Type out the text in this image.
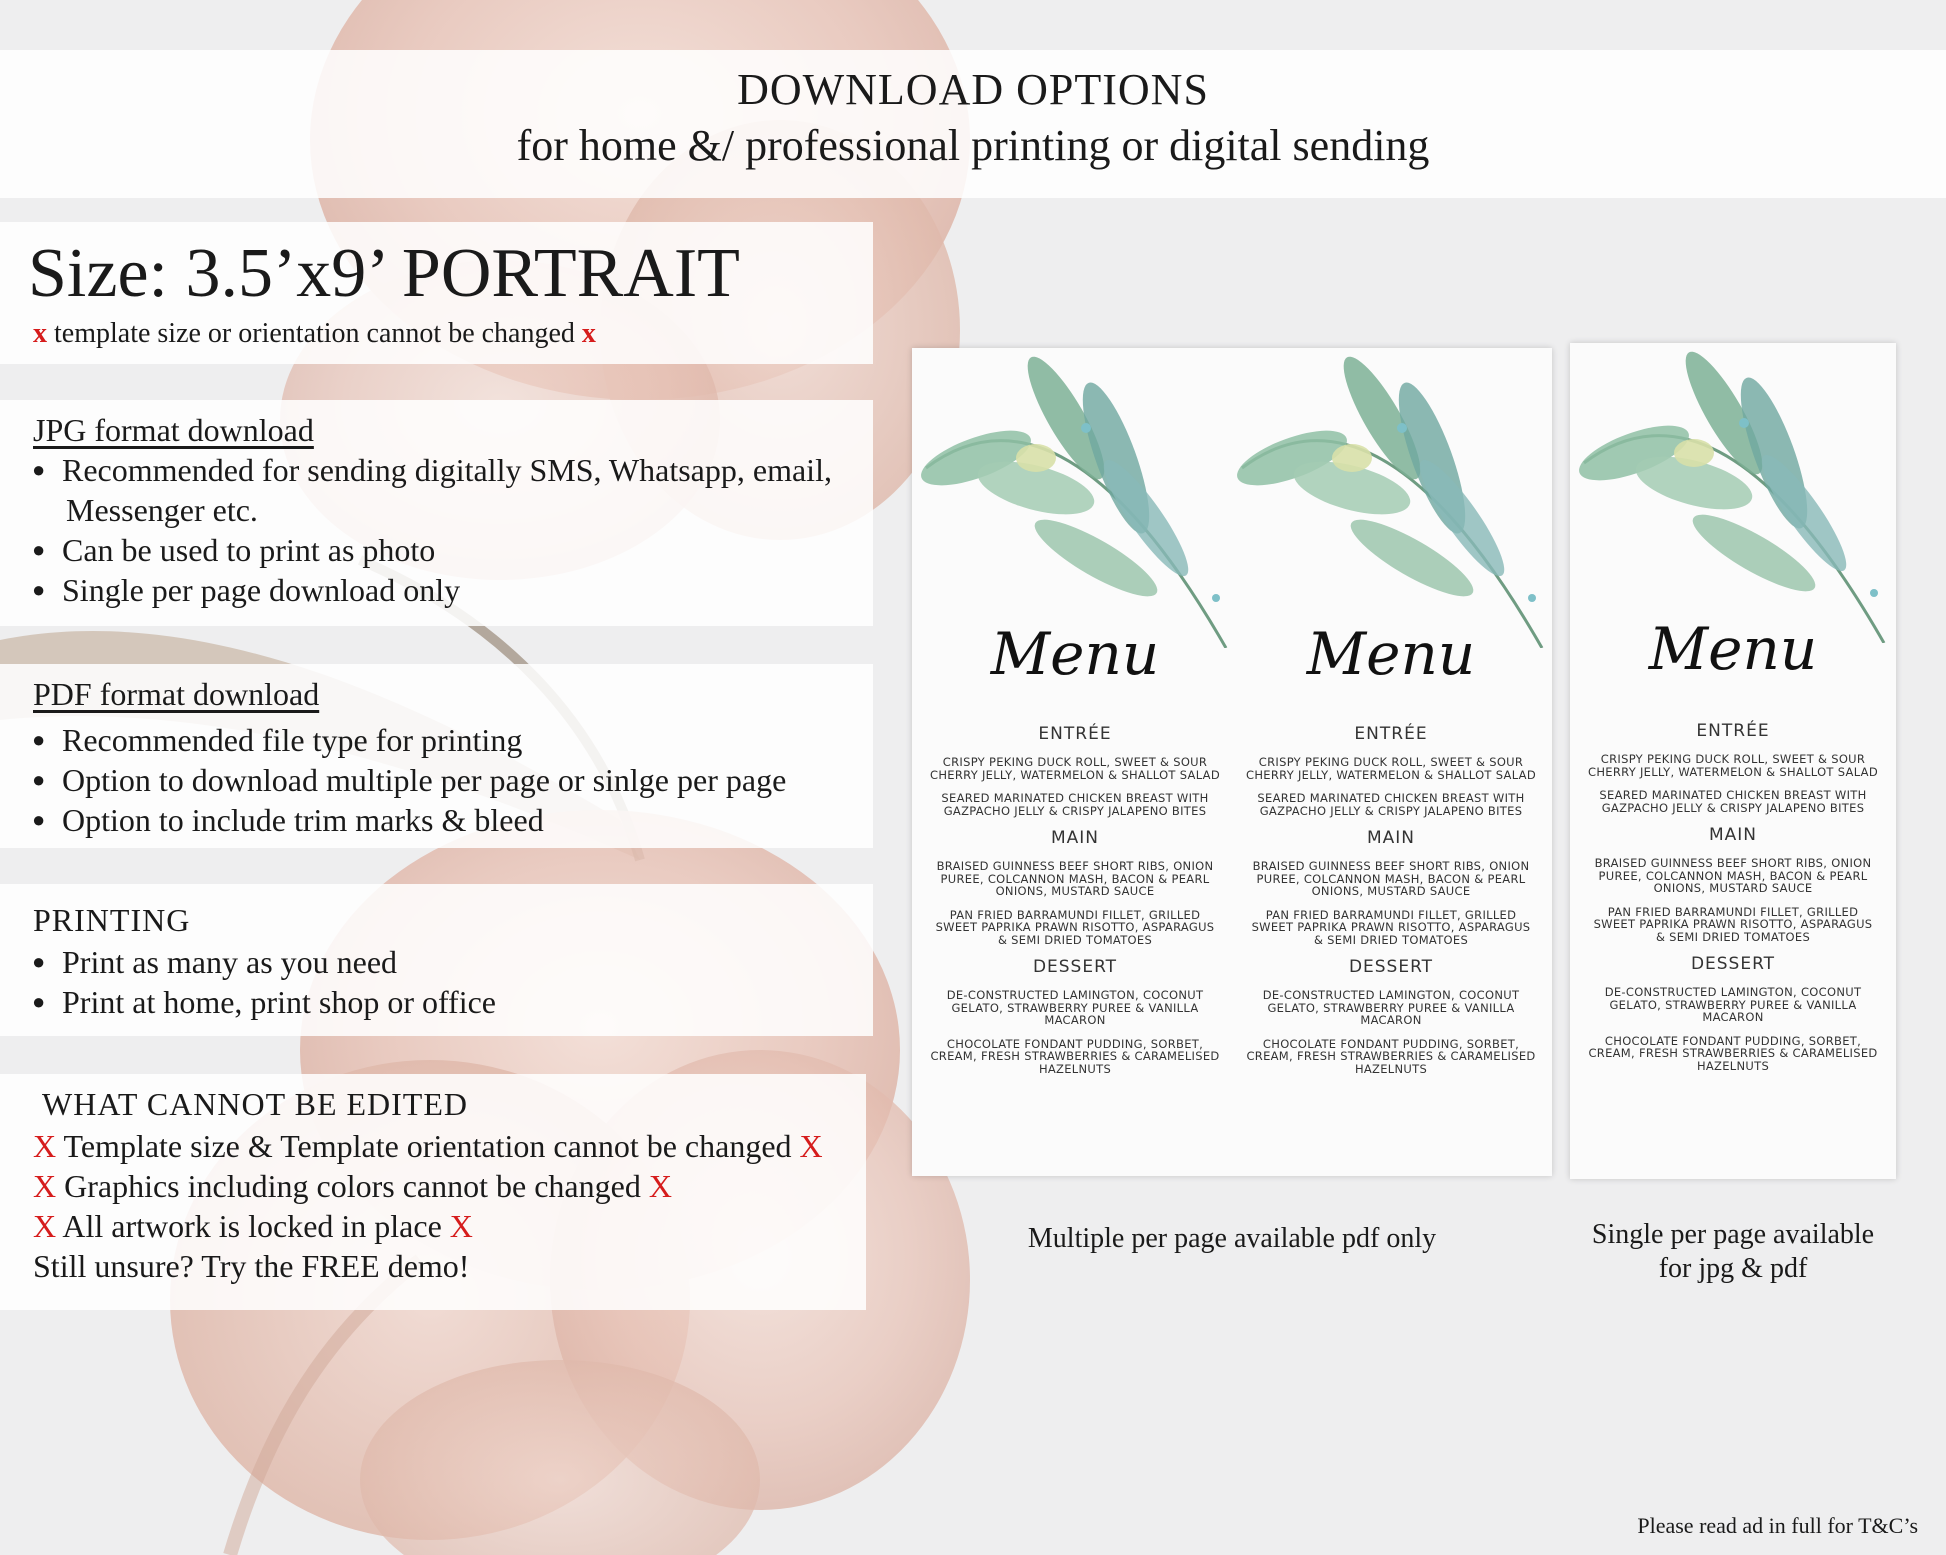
DOWNLOAD OPTIONS
for home &/ professional printing or digital sending
Size: 3.5’x9’ PORTRAIT
x template size or orientation cannot be changed x
JPG format download
● Recommended for sending digitally SMS, Whatsapp, email,
Messenger etc.
● Can be used to print as photo
● Single per page download only
PDF format download
● Recommended file type for printing
● Option to download multiple per page or sinlge per page
● Option to include trim marks & bleed
PRINTING
● Print as many as you need
● Print at home, print shop or office
WHAT CANNOT BE EDITED
X Template size & Template orientation cannot be changed X
X Graphics including colors cannot be changed X
X All artwork is locked in place X
Still unsure? Try the FREE demo!
Menu
ENTRÉE
CRISPY PEKING DUCK ROLL, SWEET & SOUR CHERRY JELLY, WATERMELON & SHALLOT SALAD
SEARED MARINATED CHICKEN BREAST WITH GAZPACHO JELLY & CRISPY JALAPENO BITES
MAIN
BRAISED GUINNESS BEEF SHORT RIBS, ONION PUREE, COLCANNON MASH, BACON & PEARL ONIONS, MUSTARD SAUCE
PAN FRIED BARRAMUNDI FILLET, GRILLED SWEET PAPRIKA PRAWN RISOTTO, ASPARAGUS & SEMI DRIED TOMATOES
DESSERT
DE-CONSTRUCTED LAMINGTON, COCONUT GELATO, STRAWBERRY PUREE & VANILLA MACARON
CHOCOLATE FONDANT PUDDING, SORBET, CREAM, FRESH STRAWBERRIES & CARAMELISED HAZELNUTS
Menu
ENTRÉE
CRISPY PEKING DUCK ROLL, SWEET & SOUR CHERRY JELLY, WATERMELON & SHALLOT SALAD
SEARED MARINATED CHICKEN BREAST WITH GAZPACHO JELLY & CRISPY JALAPENO BITES
MAIN
BRAISED GUINNESS BEEF SHORT RIBS, ONION PUREE, COLCANNON MASH, BACON & PEARL ONIONS, MUSTARD SAUCE
PAN FRIED BARRAMUNDI FILLET, GRILLED SWEET PAPRIKA PRAWN RISOTTO, ASPARAGUS & SEMI DRIED TOMATOES
DESSERT
DE-CONSTRUCTED LAMINGTON, COCONUT GELATO, STRAWBERRY PUREE & VANILLA MACARON
CHOCOLATE FONDANT PUDDING, SORBET, CREAM, FRESH STRAWBERRIES & CARAMELISED HAZELNUTS
Menu
ENTRÉE
CRISPY PEKING DUCK ROLL, SWEET & SOUR CHERRY JELLY, WATERMELON & SHALLOT SALAD
SEARED MARINATED CHICKEN BREAST WITH GAZPACHO JELLY & CRISPY JALAPENO BITES
MAIN
BRAISED GUINNESS BEEF SHORT RIBS, ONION PUREE, COLCANNON MASH, BACON & PEARL ONIONS, MUSTARD SAUCE
PAN FRIED BARRAMUNDI FILLET, GRILLED SWEET PAPRIKA PRAWN RISOTTO, ASPARAGUS & SEMI DRIED TOMATOES
DESSERT
DE-CONSTRUCTED LAMINGTON, COCONUT GELATO, STRAWBERRY PUREE & VANILLA MACARON
CHOCOLATE FONDANT PUDDING, SORBET, CREAM, FRESH STRAWBERRIES & CARAMELISED HAZELNUTS
Multiple per page available pdf only	Single per page available
for jpg & pdf
Please read ad in full for T&C’s
